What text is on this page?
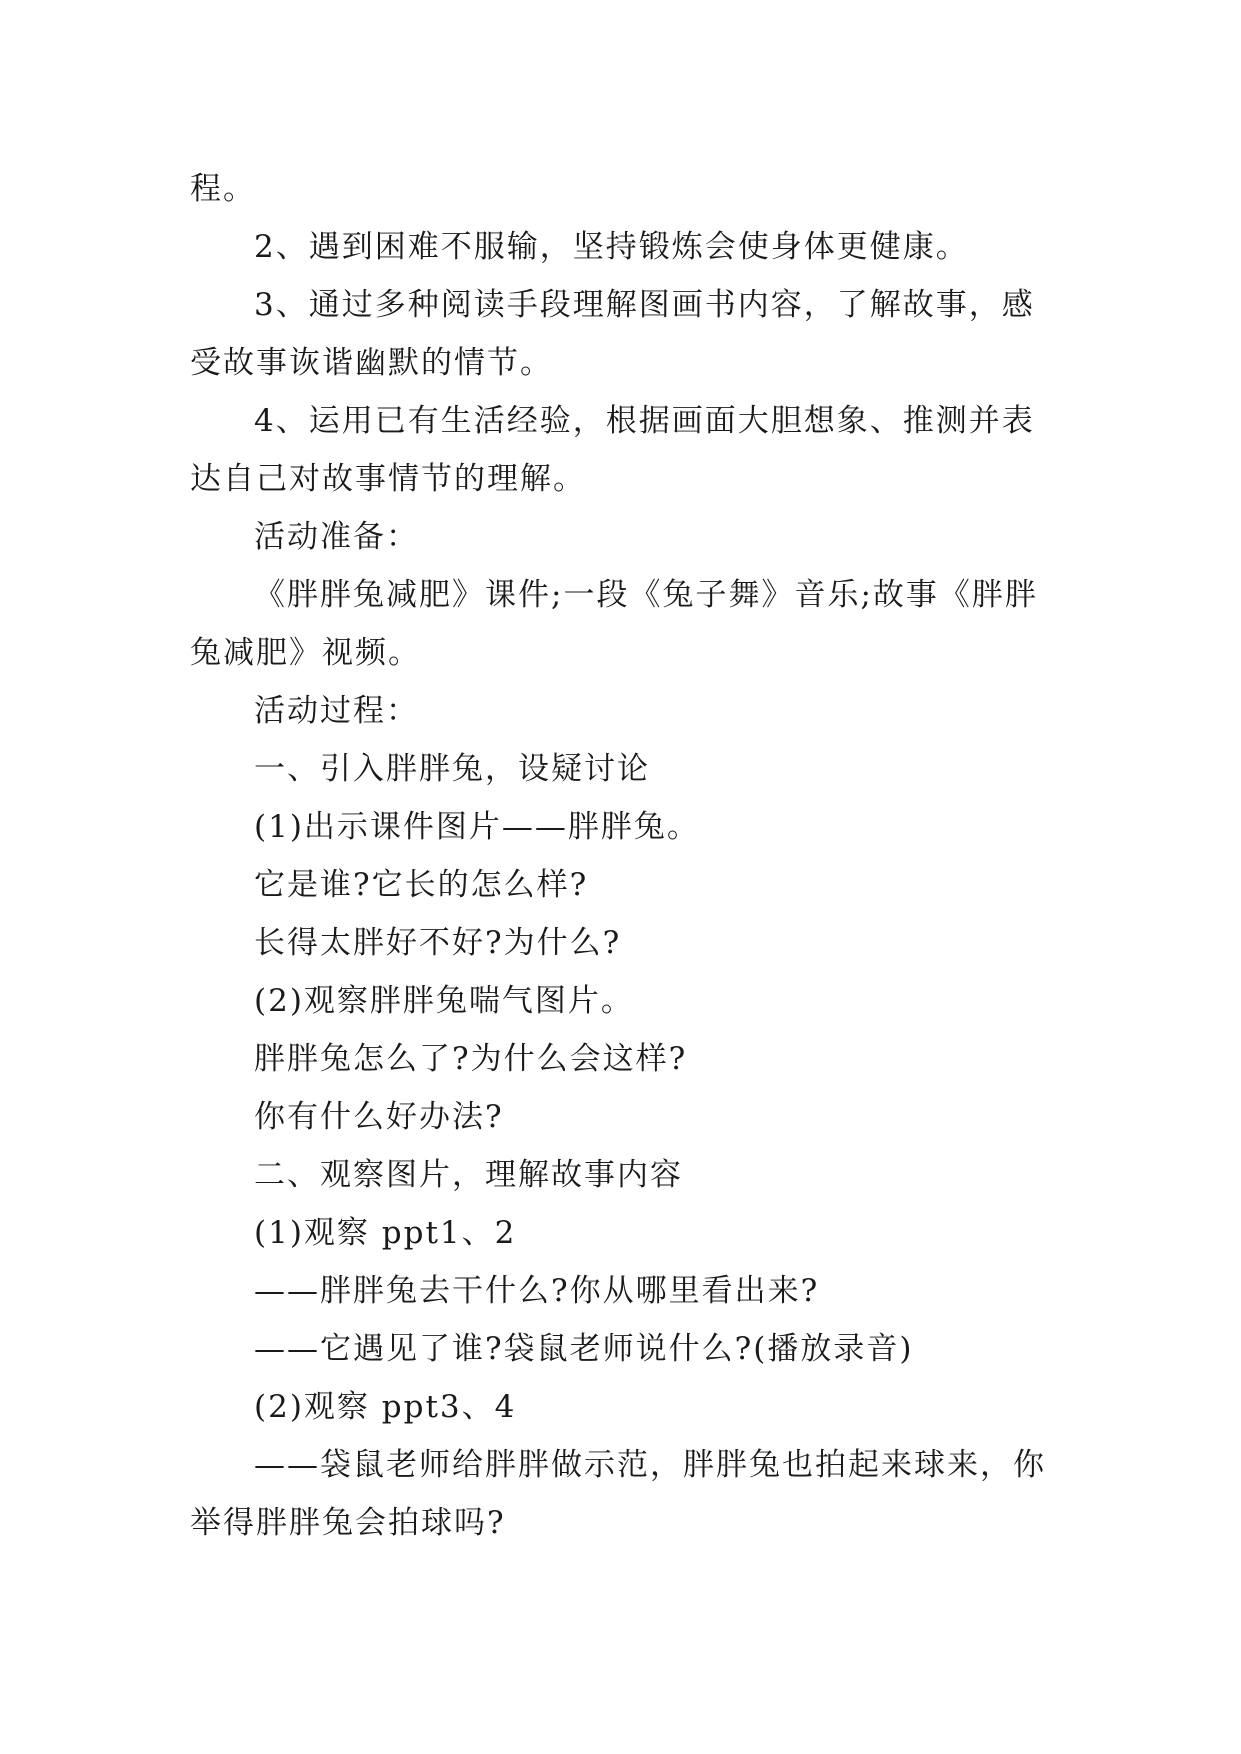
程。

2、遇到困难不服输，坚持锻炼会使身体更健康。

3、通过多种阅读手段理解图画书内容，了解故事，感受故事诙谐幽默的情节。

4、运用已有生活经验，根据画面大胆想象、推测并表达自己对故事情节的理解。

活动准备：

《胖胖兔减肥》课件;一段《兔子舞》音乐;故事《胖胖兔减肥》视频。

活动过程：

一、引入胖胖兔，设疑讨论

(1)出示课件图片——胖胖兔。

它是谁?它长的怎么样?

长得太胖好不好?为什么?

(2)观察胖胖兔喘气图片。

胖胖兔怎么了?为什么会这样?

你有什么好办法?

二、观察图片，理解故事内容

(1)观察 ppt1、2

——胖胖兔去干什么?你从哪里看出来?

——它遇见了谁?袋鼠老师说什么?(播放录音)

(2)观察 ppt3、4

——袋鼠老师给胖胖做示范，胖胖兔也拍起来球来，你举得胖胖兔会拍球吗?
